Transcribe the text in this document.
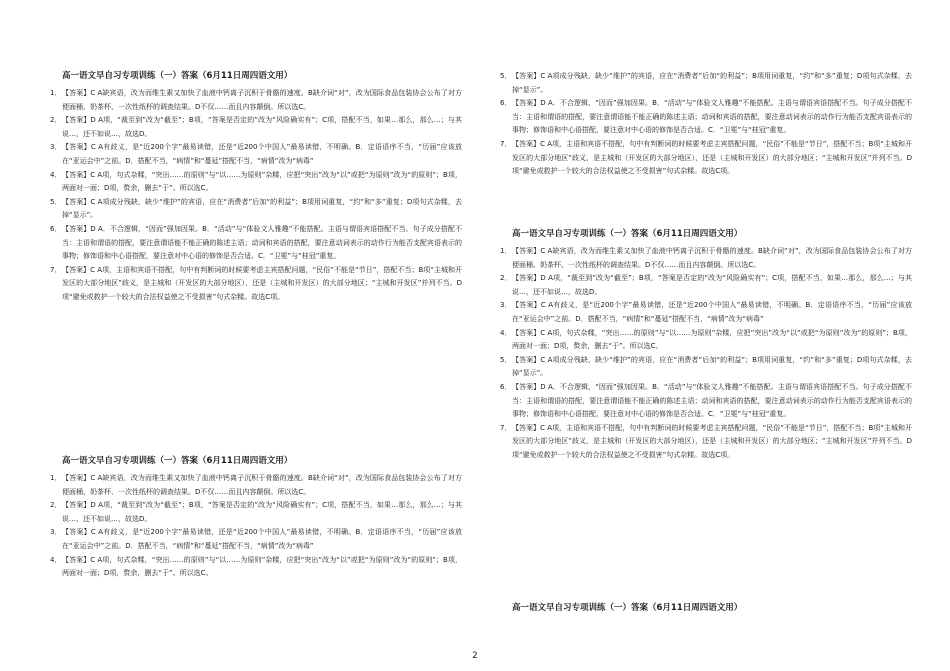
高一语文早自习专项训练（一）答案（6月11日周四语文用）
1． 【答案】C A缺宾语，改为而维生素又加快了血液中钙离子沉积于骨骼的速度。B缺介词“对”，改为国际食品包装协会公布了对方便面桶、奶茶杯、一次性纸杯的调查结果。D不仅……而且内容颠倒。所以选C。
2． 【答案】D A项，“裁至到”改为“截至”；B项，“答案是否定的”改为“风险确实有”；C项，搭配不当，如果…那么，那么…；与其说…，还不如说…，故选D。
3． 【答案】C A有歧义，是“近200个字”最易读错，还是“近200个中国人”最易读错，不明确。B．定语语序不当，“历届”应该放在“亚运会中”之前。D．搭配不当，“病情”和“蔓延”搭配不当，“病情”改为“病毒”
4． 【答案】C A项，句式杂糅，“突出……的原则”与“以……为原则”杂糅，应把“突出”改为“以”或把“为原则”改为“的原则”；B项，两面对一面；D项，赘余，删去“于”。所以选C。
5． 【答案】C A项成分残缺，缺少“维护”的宾语，应在“消费者”后加“的利益”；B项用词重复，“约”和“多”重复；D项句式杂糅，去掉“显示”。
6． 【答案】D A．不合逻辑，“因而”强加因果。B．“活动”与“体验文人雅趣”不能搭配。主语与谓语宾语搭配不当。句子成分搭配不当：主语和谓语的搭配，要注意谓语能不能正确的陈述主语；动词和宾语的搭配，要注意动词表示的动作行为能否支配宾语表示的事物；修饰语和中心语搭配，要注意对中心语的修饰是否合适。C．“卫冕”与“桂冠”重复。
7． 【答案】C A项，主语和宾语不搭配，句中有判断词的时候要考虑主宾搭配问题，“民俗”不能是“节日”，搭配不当；B项“主城和开发区的大部分地区”歧义，是主城和（开发区的大部分地区），还是（主城和开发区）的大部分地区；“主城和开发区”并列不当。D项“避免或救护一个较大的合法权益使之不受损害”句式杂糅。故选C项。
高一语文早自习专项训练（一）答案（6月11日周四语文用）
1． 【答案】C A缺宾语，改为而维生素又加快了血液中钙离子沉积于骨骼的速度。B缺介词“对”，改为国际食品包装协会公布了对方便面桶、奶茶杯、一次性纸杯的调查结果。D不仅……而且内容颠倒。所以选C。
2． 【答案】D A项，“裁至到”改为“截至”；B项，“答案是否定的”改为“风险确实有”；C项，搭配不当，如果…那么，那么…；与其说…，还不如说…，故选D。
3． 【答案】C A有歧义，是“近200个字”最易读错，还是“近200个中国人”最易读错，不明确。B．定语语序不当，“历届”应该放在“亚运会中”之前。D．搭配不当，“病情”和“蔓延”搭配不当，“病情”改为“病毒”
4． 【答案】C A项，句式杂糅，“突出……的原则”与“以……为原则”杂糅，应把“突出”改为“以”或把“为原则”改为“的原则”；B项，两面对一面；D项，赘余，删去“于”。所以选C。
5． 【答案】C A项成分残缺，缺少“维护”的宾语，应在“消费者”后加“的利益”；B项用词重复，“约”和“多”重复；D项句式杂糅，去掉“显示”。
6． 【答案】D A．不合逻辑，“因而”强加因果。B．“活动”与“体验文人雅趣”不能搭配。主语与谓语宾语搭配不当。句子成分搭配不当：主语和谓语的搭配，要注意谓语能不能正确的陈述主语；动词和宾语的搭配，要注意动词表示的动作行为能否支配宾语表示的事物；修饰语和中心语搭配，要注意对中心语的修饰是否合适。C．“卫冕”与“桂冠”重复。
7． 【答案】C A项，主语和宾语不搭配，句中有判断词的时候要考虑主宾搭配问题，“民俗”不能是“节日”，搭配不当；B项“主城和开发区的大部分地区”歧义，是主城和（开发区的大部分地区），还是（主城和开发区）的大部分地区；“主城和开发区”并列不当。D项“避免或救护一个较大的合法权益使之不受损害”句式杂糅。故选C项。
高一语文早自习专项训练（一）答案（6月11日周四语文用）
1． 【答案】C A缺宾语，改为而维生素又加快了血液中钙离子沉积于骨骼的速度。B缺介词“对”，改为国际食品包装协会公布了对方便面桶、奶茶杯、一次性纸杯的调查结果。D不仅……而且内容颠倒。所以选C。
2． 【答案】D A项，“裁至到”改为“截至”；B项，“答案是否定的”改为“风险确实有”；C项，搭配不当，如果…那么，那么…；与其说…，还不如说…，故选D。
3． 【答案】C A有歧义，是“近200个字”最易读错，还是“近200个中国人”最易读错，不明确。B．定语语序不当，“历届”应该放在“亚运会中”之前。D．搭配不当，“病情”和“蔓延”搭配不当，“病情”改为“病毒”
4． 【答案】C A项，句式杂糅，“突出……的原则”与“以……为原则”杂糅，应把“突出”改为“以”或把“为原则”改为“的原则”；B项，两面对一面；D项，赘余，删去“于”。所以选C。
5． 【答案】C A项成分残缺，缺少“维护”的宾语，应在“消费者”后加“的利益”；B项用词重复，“约”和“多”重复；D项句式杂糅，去掉“显示”。
6． 【答案】D A．不合逻辑，“因而”强加因果。B．“活动”与“体验文人雅趣”不能搭配。主语与谓语宾语搭配不当。句子成分搭配不当：主语和谓语的搭配，要注意谓语能不能正确的陈述主语；动词和宾语的搭配，要注意动词表示的动作行为能否支配宾语表示的事物；修饰语和中心语搭配，要注意对中心语的修饰是否合适。C．“卫冕”与“桂冠”重复。
7． 【答案】C A项，主语和宾语不搭配，句中有判断词的时候要考虑主宾搭配问题，“民俗”不能是“节日”，搭配不当；B项“主城和开发区的大部分地区”歧义，是主城和（开发区的大部分地区），还是（主城和开发区）的大部分地区；“主城和开发区”并列不当。D项“避免或救护一个较大的合法权益使之不受损害”句式杂糅。故选C项。
高一语文早自习专项训练（一）答案（6月11日周四语文用）
2
